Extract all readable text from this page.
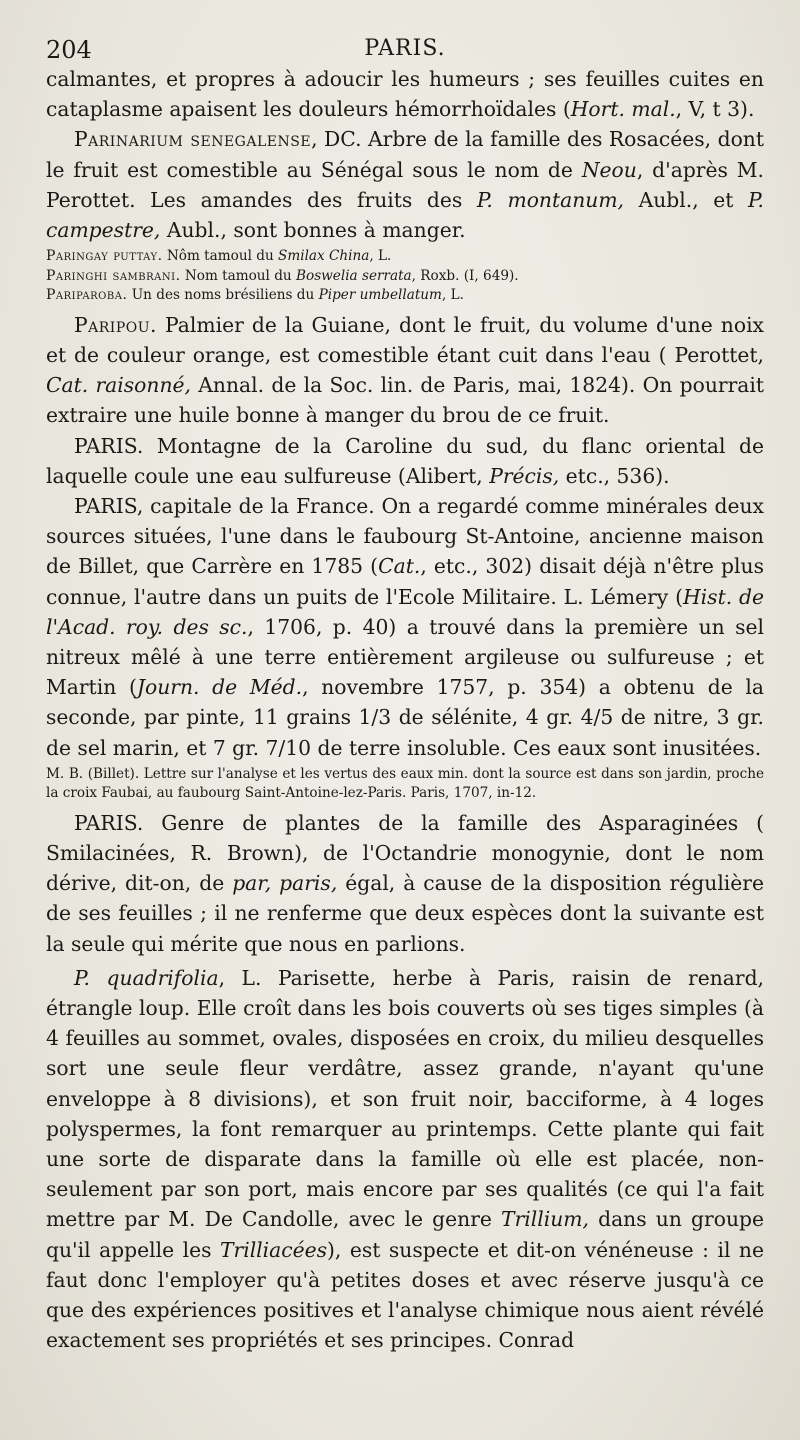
204	PARIS.

calmantes, et propres à adoucir les humeurs ; ses feuilles cuites en cataplasme apaisent les douleurs hémorrhoïdales (Hort. mal., V, t 3).

Parinarium senegalense, DC. Arbre de la famille des Rosacées, dont le fruit est comestible au Sénégal sous le nom de Neou, d'après M. Perottet. Les amandes des fruits des P. montanum, Aubl., et P. campestre, Aubl., sont bonnes à manger.

Paringay puttay. Nôm tamoul du Smilax China, L.

Paringhi sambrani. Nom tamoul du Boswelia serrata, Roxb. (I, 649).

Pariparoba. Un des noms brésiliens du Piper umbellatum, L.

Paripou. Palmier de la Guiane, dont le fruit, du volume d'une noix et de couleur orange, est comestible étant cuit dans l'eau ( Perottet, Cat. raisonné, Annal. de la Soc. lin. de Paris, mai, 1824). On pourrait extraire une huile bonne à manger du brou de ce fruit.

PARIS. Montagne de la Caroline du sud, du flanc oriental de laquelle coule une eau sulfureuse (Alibert, Précis, etc., 536).

PARIS, capitale de la France. On a regardé comme minérales deux sources situées, l'une dans le faubourg St-Antoine, ancienne maison de Billet, que Carrère en 1785 (Cat., etc., 302) disait déjà n'être plus connue, l'autre dans un puits de l'Ecole Militaire. L. Lémery (Hist. de l'Acad. roy. des sc., 1706, p. 40) a trouvé dans la première un sel nitreux mêlé à une terre entièrement argileuse ou sulfureuse ; et Martin (Journ. de Méd., novembre 1757, p. 354) a obtenu de la seconde, par pinte, 11 grains 1/3 de sélénite, 4 gr. 4/5 de nitre, 3 gr. de sel marin, et 7 gr. 7/10 de terre insoluble. Ces eaux sont inusitées.

M. B. (Billet). Lettre sur l'analyse et les vertus des eaux min. dont la source est dans son jardin, proche la croix Faubai, au faubourg Saint-Antoine-lez-Paris. Paris, 1707, in-12.

PARIS. Genre de plantes de la famille des Asparaginées ( Smilacinées, R. Brown), de l'Octandrie monogynie, dont le nom dérive, dit-on, de par, paris, égal, à cause de la disposition régulière de ses feuilles ; il ne renferme que deux espèces dont la suivante est la seule qui mérite que nous en parlions.

P. quadrifolia, L. Parisette, herbe à Paris, raisin de renard, étrangle loup. Elle croît dans les bois couverts où ses tiges simples (à 4 feuilles au sommet, ovales, disposées en croix, du milieu desquelles sort une seule fleur verdâtre, assez grande, n'ayant qu'une enveloppe à 8 divisions), et son fruit noir, bacciforme, à 4 loges polyspermes, la font remarquer au printemps. Cette plante qui fait une sorte de disparate dans la famille où elle est placée, non-seulement par son port, mais encore par ses qualités (ce qui l'a fait mettre par M. De Candolle, avec le genre Trillium, dans un groupe qu'il appelle les Trilliacées), est suspecte et dit-on vénéneuse : il ne faut donc l'employer qu'à petites doses et avec réserve jusqu'à ce que des expériences positives et l'analyse chimique nous aient révélé exactement ses propriétés et ses principes. Conrad
